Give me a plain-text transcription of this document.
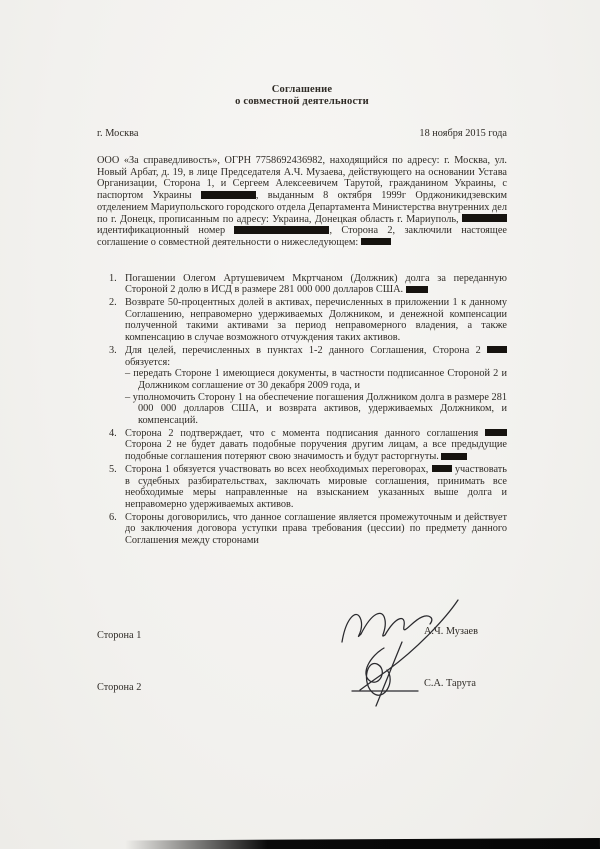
Соглашение
о совместной деятельности
г. Москва	18 ноября 2015 года

ООО «За справедливость», ОГРН 7758692436982, находящийся по адресу: г. Москва, ул. Новый Арбат, д. 19, в лице Председателя А.Ч. Музаева, действующего на основании Устава Организации, Сторона 1, и Сергеем Алексеевичем Тарутой, гражданином Украины, с паспортом Украины	, выданным 8 октября 1999г Орджоникидзевским отделением Мариупольского городского отдела Департамента Министерства внутренних дел по г. Донецк, прописанным по адресу: Украина, Донецкая область г. Мариуполь,  идентификационный номер	, Сторона 2, заключили настоящее соглашение о совместной деятельности о нижеследующем:

1. Погашении Олегом Артушевичем Мкртчаном (Должник) долга за переданную Стороной 2 долю в ИСД в размере 281 000 000 долларов США.
2. Возврате 50-процентных долей в активах, перечисленных в приложении 1 к данному Соглашению, неправомерно удерживаемых Должником, и денежной компенсации полученной такими активами за период неправомерного владения, а также компенсацию в случае возможного отчуждения таких активов.
3. Для целей, перечисленных в пунктах 1-2 данного Соглашения, Сторона 2  обязуется:
– передать Стороне 1 имеющиеся документы, в частности подписанное Стороной 2 и Должником соглашение от 30 декабря 2009 года, и
– уполномочить Сторону 1 на обеспечение погашения Должником долга в размере 281 000 000 долларов США, и возврата активов, удерживаемых Должником, и компенсаций.
4. Сторона 2 подтверждает, что с момента подписания данного соглашения  Сторона 2 не будет давать подобные поручения другим лицам, а все предыдущие подобные соглашения потеряют свою значимость и будут расторгнуты.
5. Сторона 1 обязуется участвовать во всех необходимых переговорах,	участвовать в судебных разбирательствах, заключать мировые соглашения, принимать все необходимые меры направленные на взысканием указанных выше долга и неправомерно удерживаемых активов.
6. Стороны договорились, что данное соглашение является промежуточным и действует до заключения договора уступки права требования (цессии) по предмету данного Соглашения между сторонами
Сторона 1	А.Ч. Музаев
Сторона 2	С.А. Тарута
